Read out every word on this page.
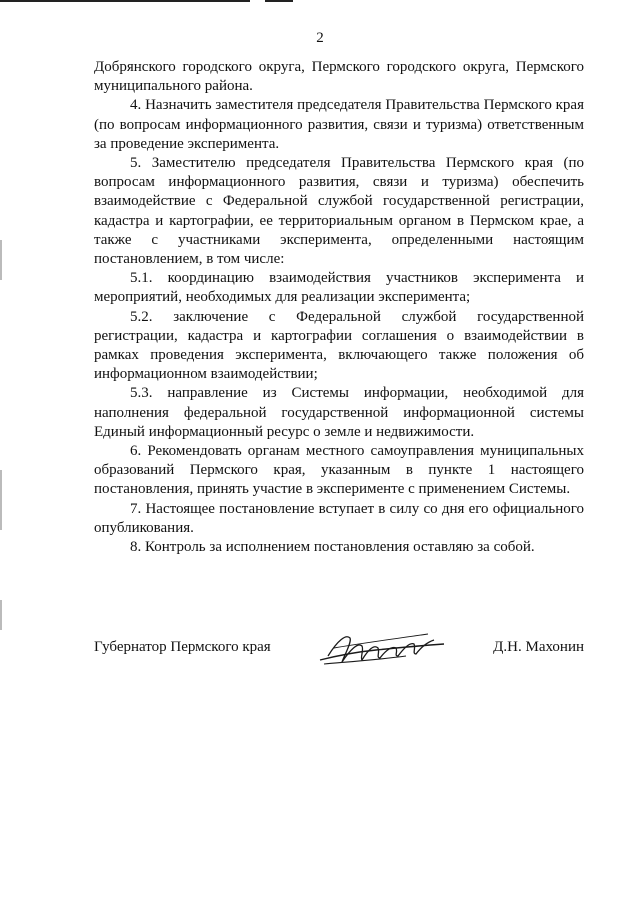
2

Добрянского городского округа, Пермского городского округа, Пермского муниципального района.

4. Назначить заместителя председателя Правительства Пермского края (по вопросам информационного развития, связи и туризма) ответственным за проведение эксперимента.

5. Заместителю председателя Правительства Пермского края (по вопросам информационного развития, связи и туризма) обеспечить взаимодействие с Федеральной службой государственной регистрации, кадастра и картографии, ее территориальным органом в Пермском крае, а также с участниками эксперимента, определенными настоящим постановлением, в том числе:

5.1. координацию взаимодействия участников эксперимента и мероприятий, необходимых для реализации эксперимента;

5.2. заключение с Федеральной службой государственной регистрации, кадастра и картографии соглашения о взаимодействии в рамках проведения эксперимента, включающего также положения об информационном взаимодействии;

5.3. направление из Системы информации, необходимой для наполнения федеральной государственной информационной системы Единый информационный ресурс о земле и недвижимости.

6. Рекомендовать органам местного самоуправления муниципальных образований Пермского края, указанным в пункте 1 настоящего постановления, принять участие в эксперименте с применением Системы.

7. Настоящее постановление вступает в силу со дня его официального опубликования.

8. Контроль за исполнением постановления оставляю за собой.

Губернатор Пермского края	Д.Н. Махонин
